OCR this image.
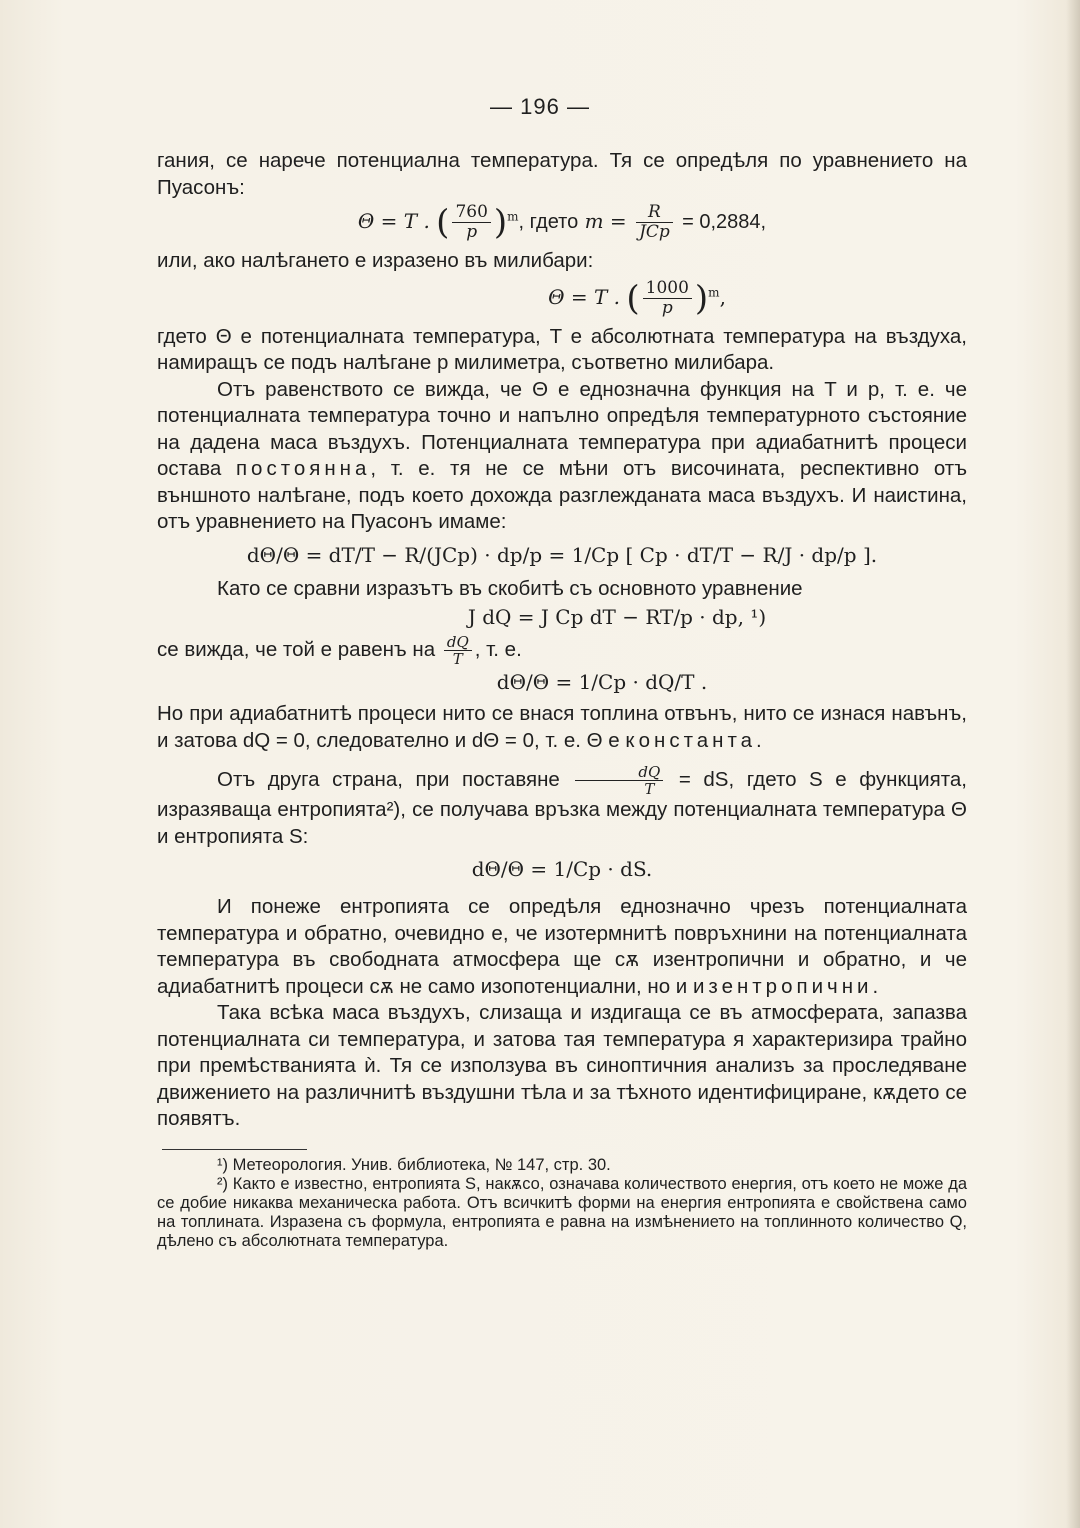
— 196 —

гания, се нарече потенциална температура. Тя се опредѣля по уравнението на Пуасонъ:

Θ = T . ( $\frac{760}{p} )^m$, гдето $m = \frac{R}{\text{JCp}} = 0,2884$,

или, ако налѣгането е изразено въ милибари:

Θ = T . ( $\frac{1000}{p} )^m$,

гдето Θ е потенциалната температура, T е абсолютната температура на въздуха, намиращъ се подъ налѣгане p милиметра, съответно милибара.

Отъ равенството се вижда, че Θ е еднозначна функция на T и p, т. е. че потенциалната температура точно и напълно опредѣля температурното състояние на дадена маса въздухъ. Потенциалната температура при адиабатнитѣ процеси остава постоянна, т. е. тя не се мѣни отъ височината, респективно отъ външното налѣгане, подъ което дохожда разглежданата маса въздухъ. И наистина, отъ уравнението на Пуасонъ имаме:

dΘ/Θ = dT/T − R/(JCp) · dp/p = 1/Cp [ Cp · dT/T − R/J · dp/p ].

Като се сравни изразътъ въ скобитѣ съ основното уравнение

J dQ = J Cp dT − RT/p · dp, ¹)

се вижда, че той е равенъ на $\frac{dQ}{T}$ , т. е.

dΘ/Θ = 1/Cp · dQ/T .

Но при адиабатнитѣ процеси нито се внася топлина отвънъ, нито се изнася навънъ, и затова dQ = 0, следователно и dΘ = 0, т. е. Θ е константа.

Отъ друга страна, при поставяне $\frac{dQ}{T}$ = dS, гдето S е функцията, изразяваща ентропията²), се получава връзка между потенциалната температура Θ и ентропията S:

dΘ/Θ = 1/Cp · dS.

И понеже ентропията се опредѣля еднозначно чрезъ потенциалната температура и обратно, очевидно е, че изотермнитѣ повръхнини на потенциалната температура въ свободната атмосфера ще сѫ изентропични и обратно, и че адиабатнитѣ процеси сѫ не само изопотенциални, но и изентропични.

Така всѣка маса въздухъ, слизаща и издигаща се въ атмосферата, запазва потенциалната си температура, и затова тая температура я характеризира трайно при премѣстванията ѝ. Тя се използува въ синоптичния анализъ за проследяване движението на различнитѣ въздушни тѣла и за тѣхното идентифициране, кѫдето се появятъ.

¹) Метеорология. Унив. библиотека, № 147, стр. 30.

²) Както е известно, ентропията S, накѫсо, означава количеството енергия, отъ което не може да се добие никаква механическа работа. Отъ всичкитѣ форми на енергия ентропията е свойствена само на топлината. Изразена съ формула, ентропията е равна на измѣнението на топлинното количество Q, дѣлено съ абсолютната температура.
